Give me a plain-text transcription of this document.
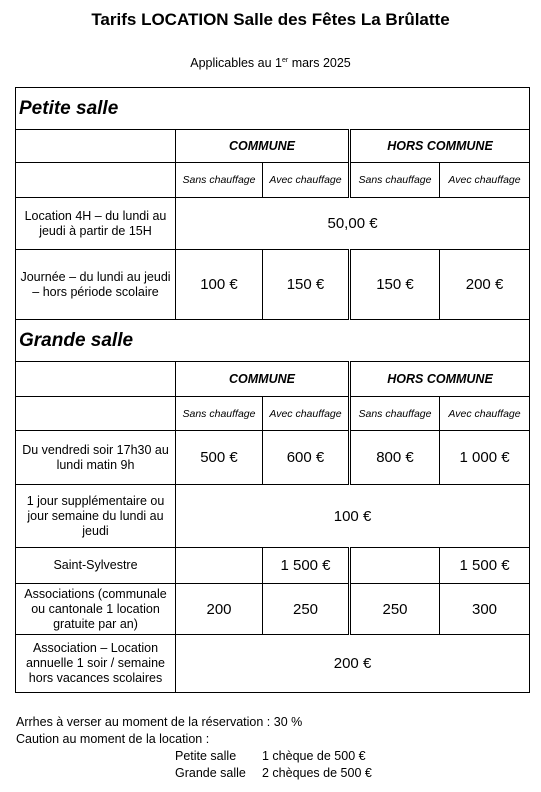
Tarifs LOCATION Salle des Fêtes La Brûlatte
Applicables au 1er mars 2025
Petite salle				
	COMMUNE		HORS COMMUNE	
	Sans chauffage	Avec chauffage	Sans chauffage	Avec chauffage
Location 4H – du lundi au jeudi à partir de 15H	50,00 €			
Journée – du lundi au jeudi – hors période scolaire	100 €	150 €	150 €	200 €
Grande salle				
	COMMUNE		HORS COMMUNE	
	Sans chauffage	Avec chauffage	Sans chauffage	Avec chauffage
Du vendredi soir 17h30 au lundi matin 9h	500 €	600 €	800 €	1 000 €
1 jour supplémentaire ou jour semaine du lundi au jeudi	100 €			
Saint-Sylvestre		1 500 €		1 500 €
Associations (communale ou cantonale 1 location gratuite par an)	200	250	250	300
Association – Location annuelle 1 soir / semaine hors vacances scolaires	200 €			
Arrhes à verser au moment de la réservation : 30 %
Caution au moment de la location :
Petite salle	1 chèque de 500 €
Grande salle	2 chèques de 500 €
